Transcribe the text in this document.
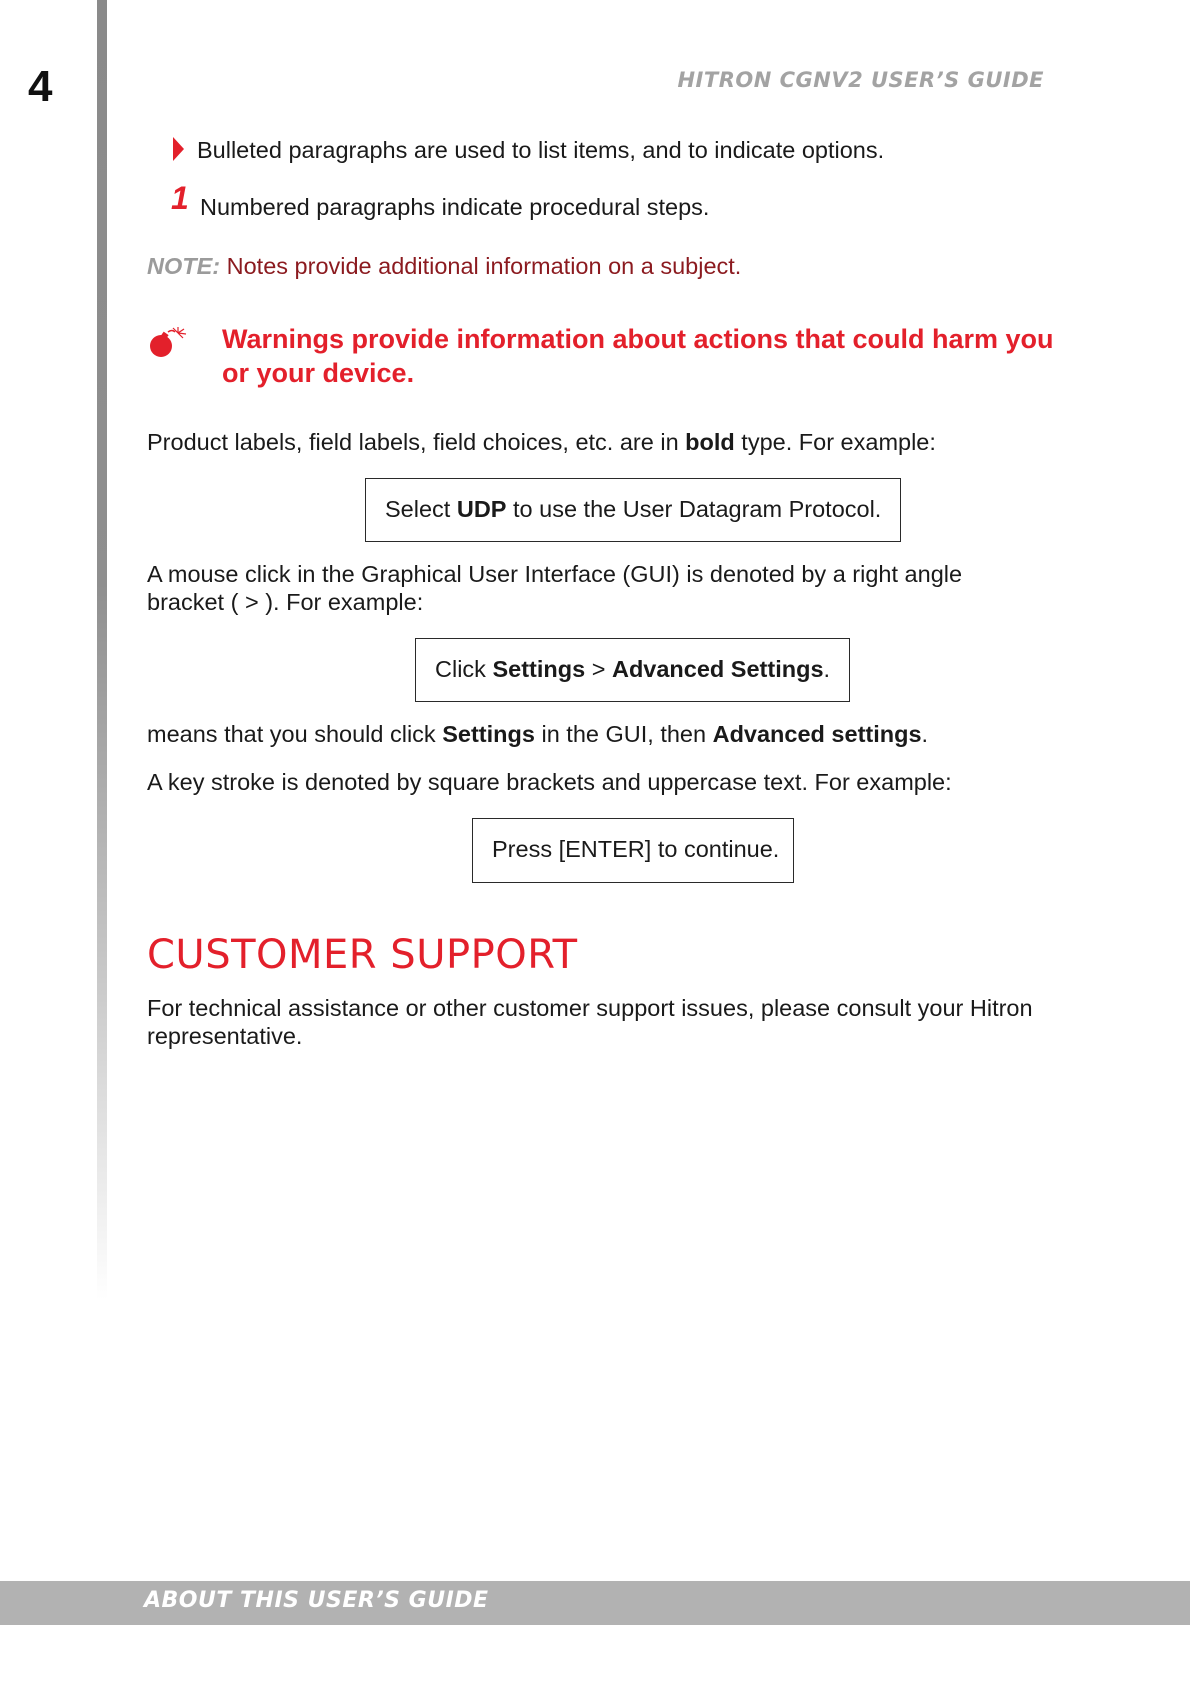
4	HITRON CGNV2 USER’S GUIDE
Bulleted paragraphs are used to list items, and to indicate options.
1 Numbered paragraphs indicate procedural steps.
NOTE: Notes provide additional information on a subject.
Warnings provide information about actions that could harm you or your device.
Product labels, field labels, field choices, etc. are in bold type. For example:
Select UDP to use the User Datagram Protocol.
A mouse click in the Graphical User Interface (GUI) is denoted by a right angle bracket ( > ). For example:
Click Settings > Advanced Settings.
means that you should click Settings in the GUI, then Advanced settings.
A key stroke is denoted by square brackets and uppercase text. For example:
Press [ENTER] to continue.
CUSTOMER SUPPORT
For technical assistance or other customer support issues, please consult your Hitron representative.
ABOUT THIS USER’S GUIDE
